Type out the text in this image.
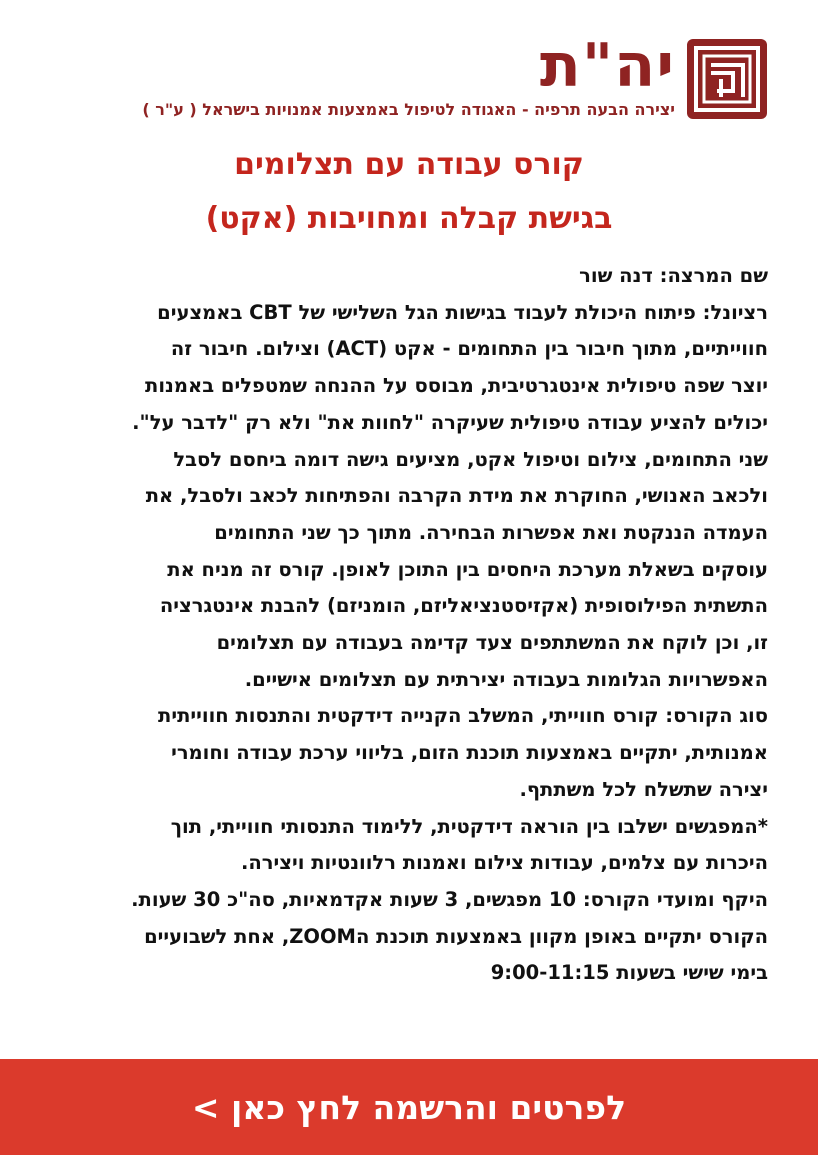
יה"ת
יצירה הבעה תרפיה - האגודה לטיפול באמצעות אמנויות בישראל ( ע"ר )
קורס עבודה עם תצלומים
בגישת קבלה ומחויבות (אקט)
שם המרצה: דנה שור
רציונל: פיתוח היכולת לעבוד בגישות הגל השלישי של CBT באמצעים
חווייתיים, מתוך חיבור בין התחומים - אקט (ACT) וצילום. חיבור זה
יוצר שפה טיפולית אינטגרטיבית, מבוסס על ההנחה שמטפלים באמנות
יכולים להציע עבודה טיפולית שעיקרה "לחוות את" ולא רק "לדבר על".
שני התחומים, צילום וטיפול אקט, מציעים גישה דומה ביחסם לסבל
ולכאב האנושי, החוקרת את מידת הקרבה והפתיחות לכאב ולסבל, את
העמדה הננקטת ואת אפשרות הבחירה. מתוך כך שני התחומים
עוסקים בשאלת מערכת היחסים בין התוכן לאופן. קורס זה מניח את
התשתית הפילוסופית (אקזיסטנציאליזם, הומניזם) להבנת אינטגרציה
זו, וכן לוקח את המשתתפים צעד קדימה בעבודה עם תצלומים
האפשרויות הגלומות בעבודה יצירתית עם תצלומים אישיים.
סוג הקורס: קורס חווייתי, המשלב הקנייה דידקטית והתנסות חווייתית
אמנותית, יתקיים באמצעות תוכנת הזום, בליווי ערכת עבודה וחומרי
יצירה שתשלח לכל משתתף.
*המפגשים ישלבו בין הוראה דידקטית, ללימוד התנסותי חווייתי, תוך
היכרות עם צלמים, עבודות צילום ואמנות רלוונטיות ויצירה.
היקף ומועדי הקורס: 10 מפגשים, 3 שעות אקדמאיות, סה"כ 30 שעות.
הקורס יתקיים באופן מקוון באמצעות תוכנת הZOOM, אחת לשבועיים
בימי שישי בשעות 9:00-11:15
לפרטים והרשמה לחץ כאן >
